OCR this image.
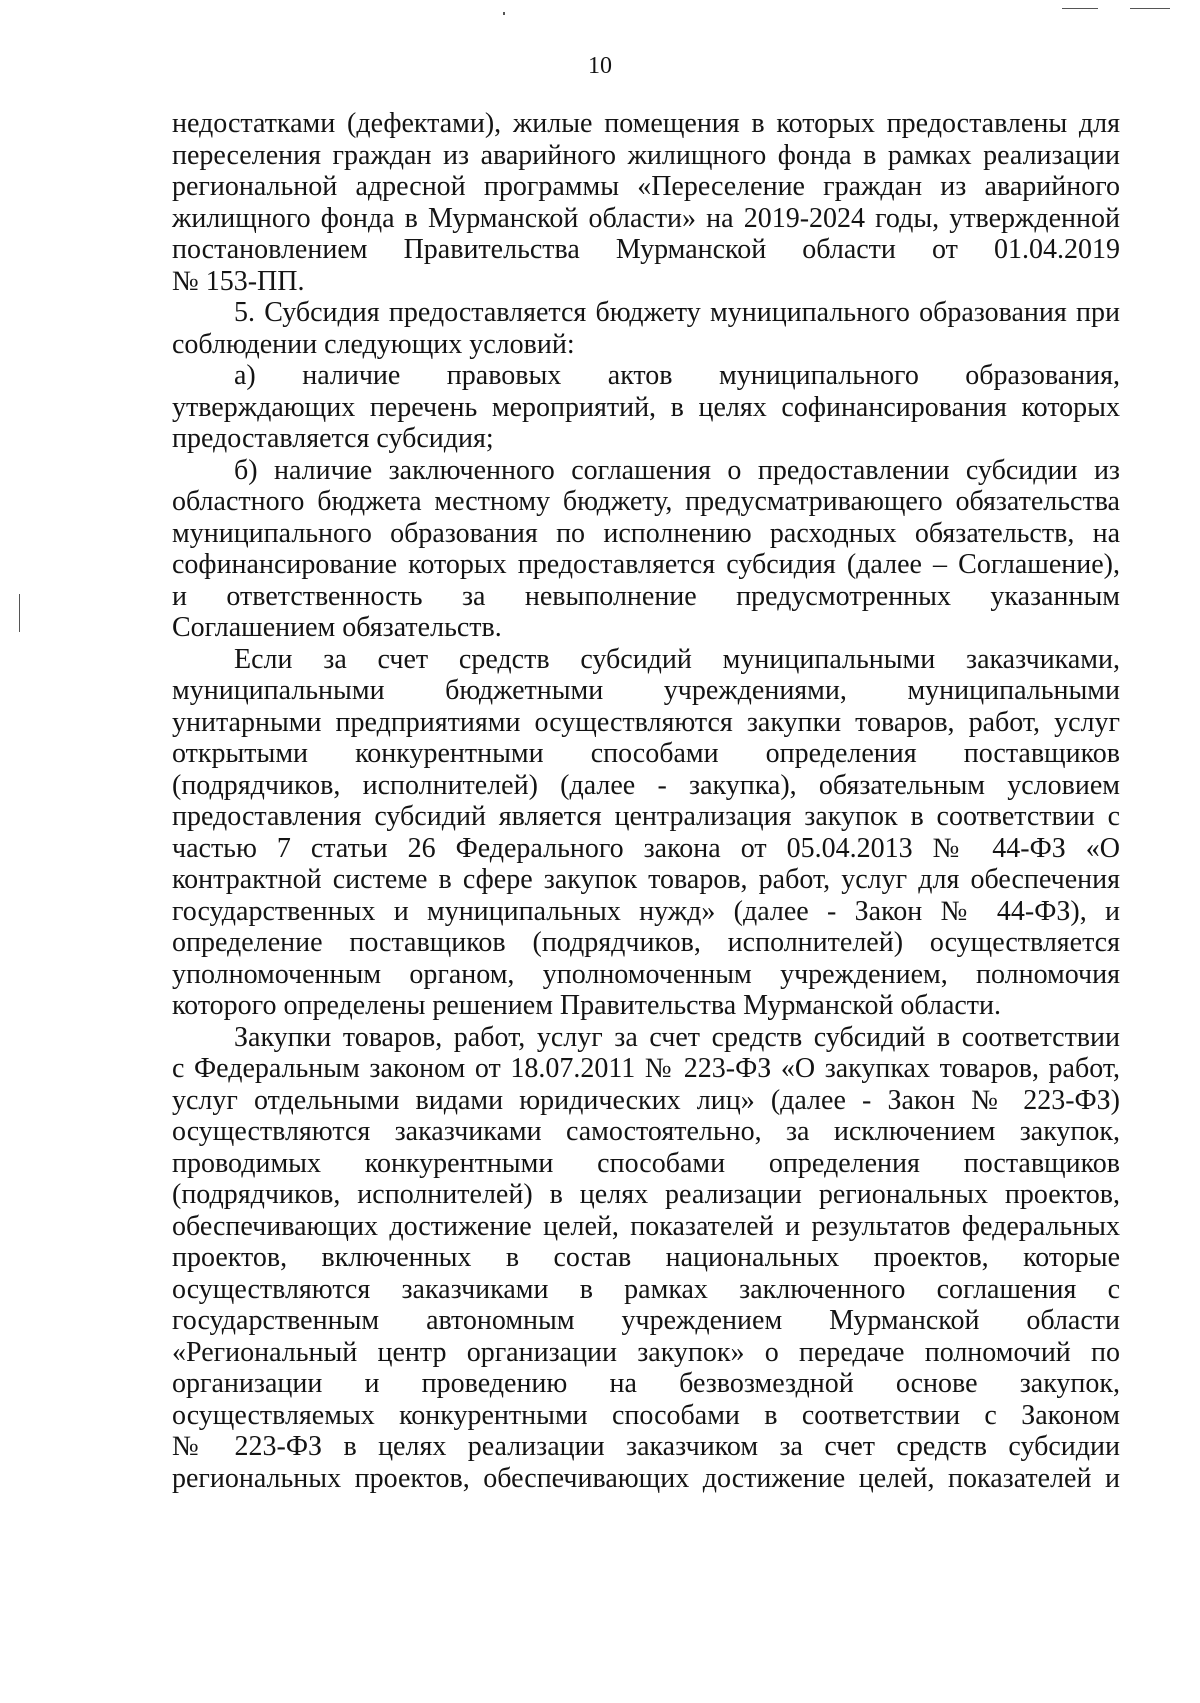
10
недостатками (дефектами), жилые помещения в которых предоставлены для
переселения граждан из аварийного жилищного фонда в рамках реализации
региональной адресной программы «Переселение граждан из аварийного
жилищного фонда в Мурманской области» на 2019-2024 годы, утвержденной
постановлением Правительства Мурманской области от 01.04.2019
№ 153-ПП.
5. Субсидия предоставляется бюджету муниципального образования при
соблюдении следующих условий:
а) наличие правовых актов муниципального образования,
утверждающих перечень мероприятий, в целях софинансирования которых
предоставляется субсидия;
б) наличие заключенного соглашения о предоставлении субсидии из
областного бюджета местному бюджету, предусматривающего обязательства
муниципального образования по исполнению расходных обязательств, на
софинансирование которых предоставляется субсидия (далее – Соглашение),
и ответственность за невыполнение предусмотренных указанным
Соглашением обязательств.
Если за счет средств субсидий муниципальными заказчиками,
муниципальными бюджетными учреждениями, муниципальными
унитарными предприятиями осуществляются закупки товаров, работ, услуг
открытыми конкурентными способами определения поставщиков
(подрядчиков, исполнителей) (далее - закупка), обязательным условием
предоставления субсидий является централизация закупок в соответствии с
частью 7 статьи 26 Федерального закона от 05.04.2013 № 44-ФЗ «О
контрактной системе в сфере закупок товаров, работ, услуг для обеспечения
государственных и муниципальных нужд» (далее - Закон № 44-ФЗ), и
определение поставщиков (подрядчиков, исполнителей) осуществляется
уполномоченным органом, уполномоченным учреждением, полномочия
которого определены решением Правительства Мурманской области.
Закупки товаров, работ, услуг за счет средств субсидий в соответствии
с Федеральным законом от 18.07.2011 № 223-ФЗ «О закупках товаров, работ,
услуг отдельными видами юридических лиц» (далее - Закон № 223-ФЗ)
осуществляются заказчиками самостоятельно, за исключением закупок,
проводимых конкурентными способами определения поставщиков
(подрядчиков, исполнителей) в целях реализации региональных проектов,
обеспечивающих достижение целей, показателей и результатов федеральных
проектов, включенных в состав национальных проектов, которые
осуществляются заказчиками в рамках заключенного соглашения с
государственным автономным учреждением Мурманской области
«Региональный центр организации закупок» о передаче полномочий по
организации и проведению на безвозмездной основе закупок,
осуществляемых конкурентными способами в соответствии с Законом
№ 223-ФЗ в целях реализации заказчиком за счет средств субсидии
региональных проектов, обеспечивающих достижение целей, показателей и
